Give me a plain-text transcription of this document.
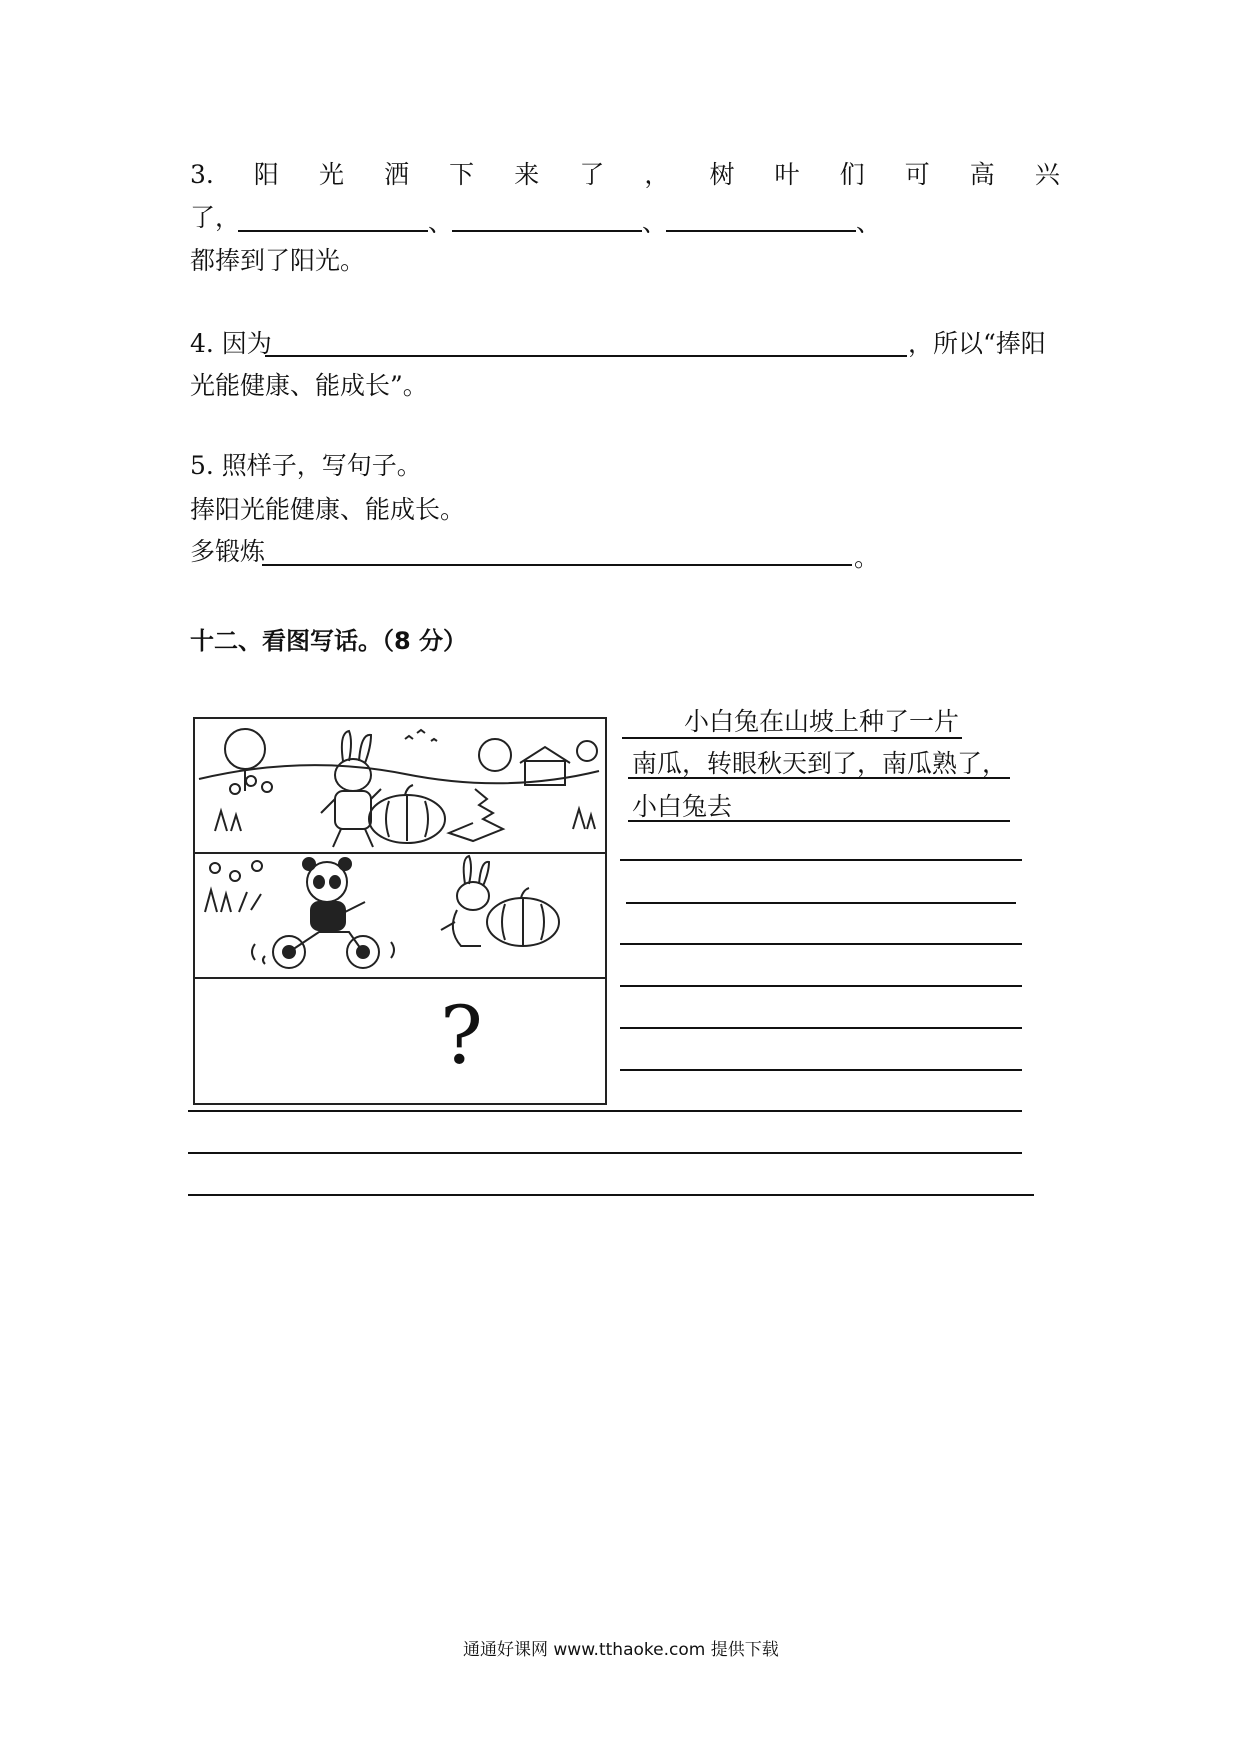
3. 阳 光 洒 下 来 了 ， 树 叶 们 可 高 兴
了，	、	、	、
都捧到了阳光。
4. 因为	，所以“捧阳
光能健康、能成长”。
5. 照样子，写句子。
捧阳光能健康、能成长。
多锻炼	。
十二、看图写话。（8 分）
?
小白兔在山坡上种了一片
南瓜，转眼秋天到了，南瓜熟了，
小白兔去
通通好课网 www.tthaoke.com 提供下载
